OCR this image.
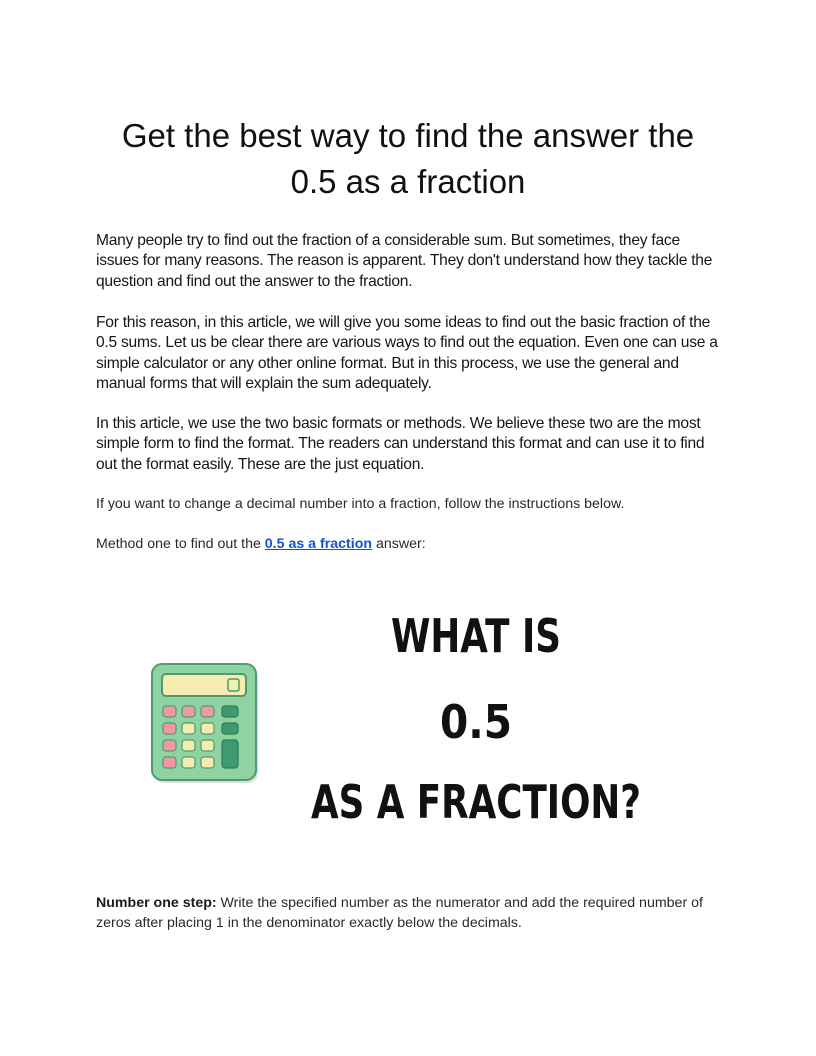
Get the best way to find the answer the 0.5 as a fraction

Many people try to find out the fraction of a considerable sum. But sometimes, they face issues for many reasons. The reason is apparent. They don't understand how they tackle the question and find out the answer to the fraction.

For this reason, in this article, we will give you some ideas to find out the basic fraction of the 0.5 sums. Let us be clear there are various ways to find out the equation. Even one can use a simple calculator or any other online format. But in this process, we use the general and manual forms that will explain the sum adequately.

In this article, we use the two basic formats or methods. We believe these two are the most simple form to find the format. The readers can understand this format and can use it to find out the format easily. These are the just equation.

If you want to change a decimal number into a fraction, follow the instructions below.

Method one to find out the 0.5 as a fraction answer:

WHAT IS
0.5
AS A FRACTION?

Number one step: Write the specified number as the numerator and add the required number of zeros after placing 1 in the denominator exactly below the decimals.
